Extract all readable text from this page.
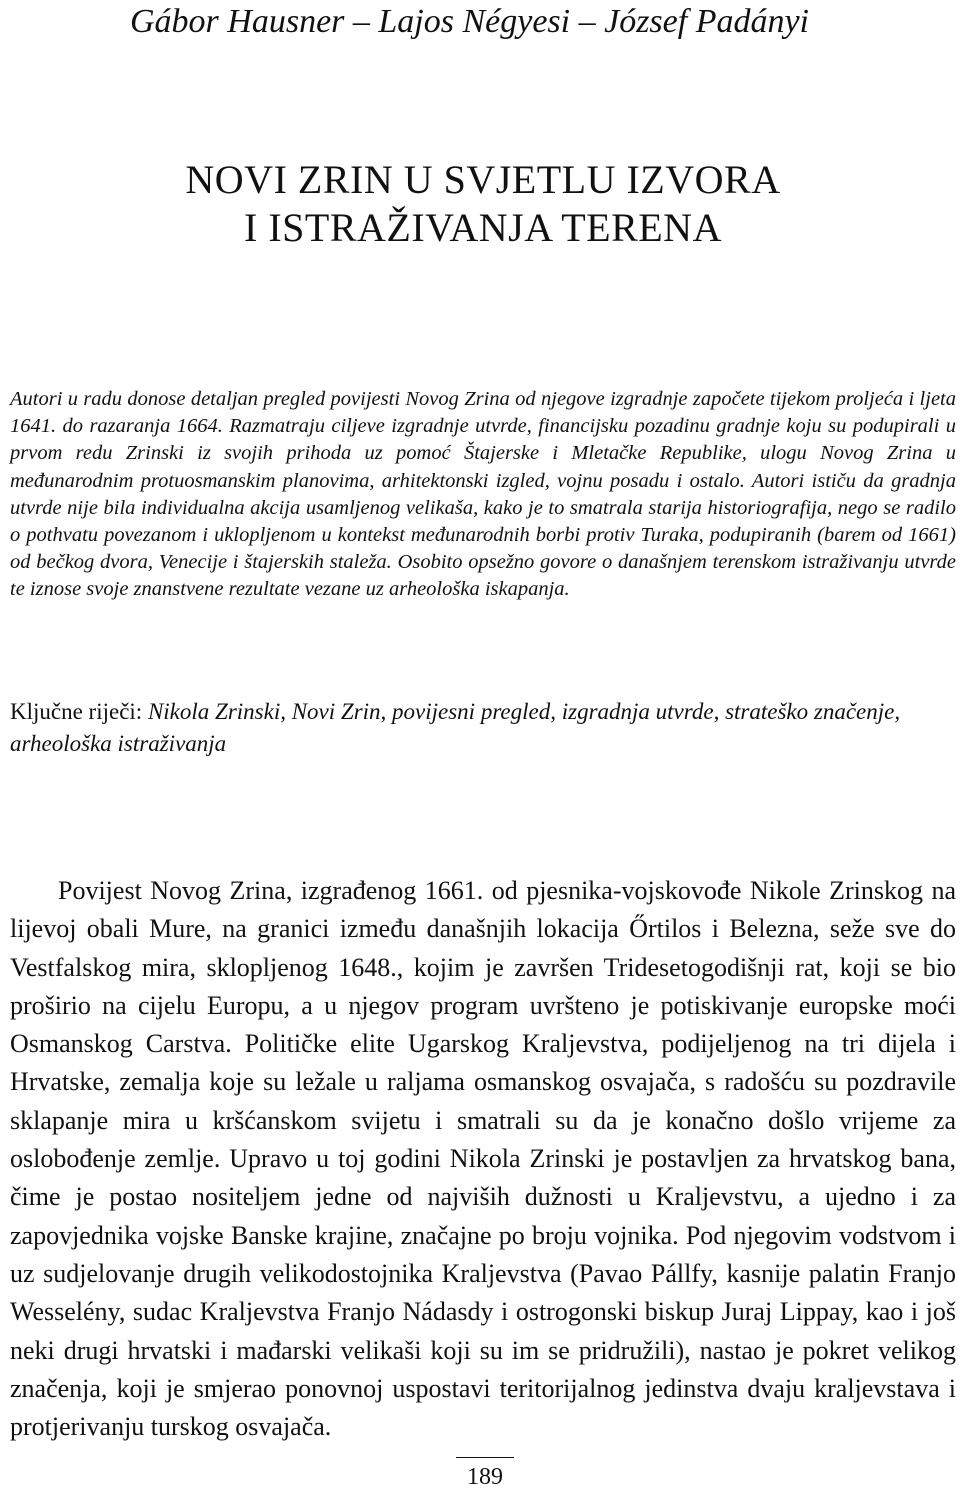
Gábor Hausner – Lajos Négyesi – József Padányi
NOVI ZRIN U SVJETLU IZVORA
I ISTRAŽIVANJA TERENA

Autori u radu donose detaljan pregled povijesti Novog Zrina od njegove izgradnje započete tijekom proljeća i ljeta 1641. do razaranja 1664. Razmatraju ciljeve izgradnje utvrde, financijsku pozadinu gradnje koju su podupirali u prvom redu Zrinski iz svojih prihoda uz pomoć Štajerske i Mletačke Republike, ulogu Novog Zrina u međunarodnim protuosmanskim planovima, arhitektonski izgled, vojnu posadu i ostalo. Autori ističu da gradnja utvrde nije bila individualna akcija usamljenog velikaša, kako je to smatrala starija historiografija, nego se radilo o pothvatu povezanom i uklopljenom u kontekst međunarodnih borbi protiv Turaka, podupiranih (barem od 1661) od bečkog dvora, Venecije i štajerskih staleža. Osobito opsežno govore o današnjem terenskom istraživanju utvrde te iznose svoje znanstvene rezultate vezane uz arheološka iskapanja.

Ključne riječi: Nikola Zrinski, Novi Zrin, povijesni pregled, izgradnja utvrde, strateško značenje, arheološka istraživanja

Povijest Novog Zrina, izgrađenog 1661. od pjesnika-vojskovođe Nikole Zrinskog na lijevoj obali Mure, na granici između današnjih lokacija Őrtilos i Belezna, seže sve do Vestfalskog mira, sklopljenog 1648., kojim je završen Tridesetogodišnji rat, koji se bio proširio na cijelu Europu, a u njegov program uvršteno je potiskivanje europske moći Osmanskog Carstva. Političke elite Ugarskog Kraljevstva, podijeljenog na tri dijela i Hrvatske, zemalja koje su ležale u raljama osmanskog osvajača, s radošću su pozdravile sklapanje mira u kršćanskom svijetu i smatrali su da je konačno došlo vrijeme za oslobođenje zemlje. Upravo u toj godini Nikola Zrinski je postavljen za hrvatskog bana, čime je postao nositeljem jedne od najviših dužnosti u Kraljevstvu, a ujedno i za zapovjednika vojske Banske krajine, značajne po broju vojnika. Pod njegovim vodstvom i uz sudjelovanje drugih velikodostojnika Kraljevstva (Pavao Pállfy, kasnije palatin Franjo Wesselény, sudac Kraljevstva Franjo Nádasdy i ostrogonski biskup Juraj Lippay, kao i još neki drugi hrvatski i mađarski velikaši koji su im se pridružili), nastao je pokret velikog značenja, koji je smjerao ponovnoj uspostavi teritorijalnog jedinstva dvaju kraljevstava i protjerivanju turskog osvajača.

189
